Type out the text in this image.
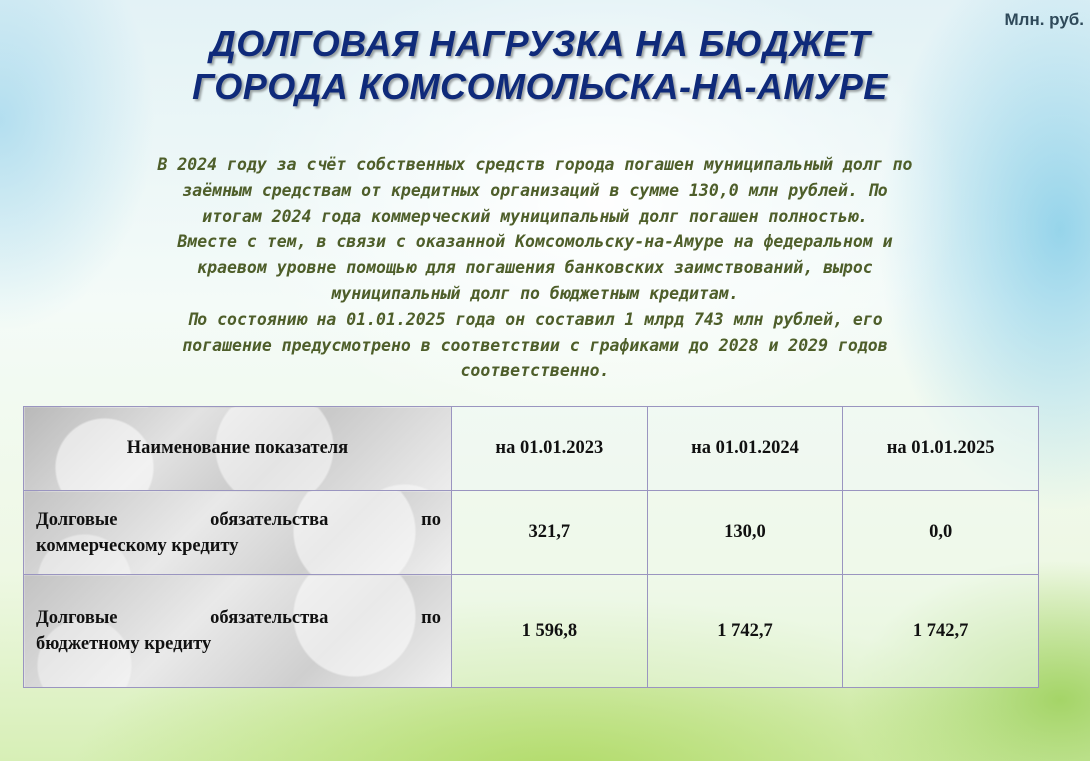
Млн. руб.
ДОЛГОВАЯ НАГРУЗКА НА БЮДЖЕТ
ГОРОДА КОМСОМОЛЬСКА-НА-АМУРЕ
В 2024 году за счёт собственных средств города погашен муниципальный долг по
заёмным средствам от кредитных организаций в сумме 130,0 млн рублей. По
итогам 2024 года коммерческий муниципальный долг погашен полностью.
Вместе с тем, в связи с оказанной Комсомольску-на-Амуре на федеральном и
краевом уровне помощью для погашения банковских заимствований, вырос
муниципальный долг по бюджетным кредитам.
По состоянию на 01.01.2025 года он составил 1 млрд 743 млн рублей, его
погашение предусмотрено в соответствии с графиками до 2028 и 2029 годов
соответственно.
Наименование показателя	на 01.01.2023	на 01.01.2024	на 01.01.2025

Долговые обязательства по
коммерческому кредиту	321,7	130,0	0,0

Долговые обязательства по
бюджетному кредиту	1 596,8	1 742,7	1 742,7
